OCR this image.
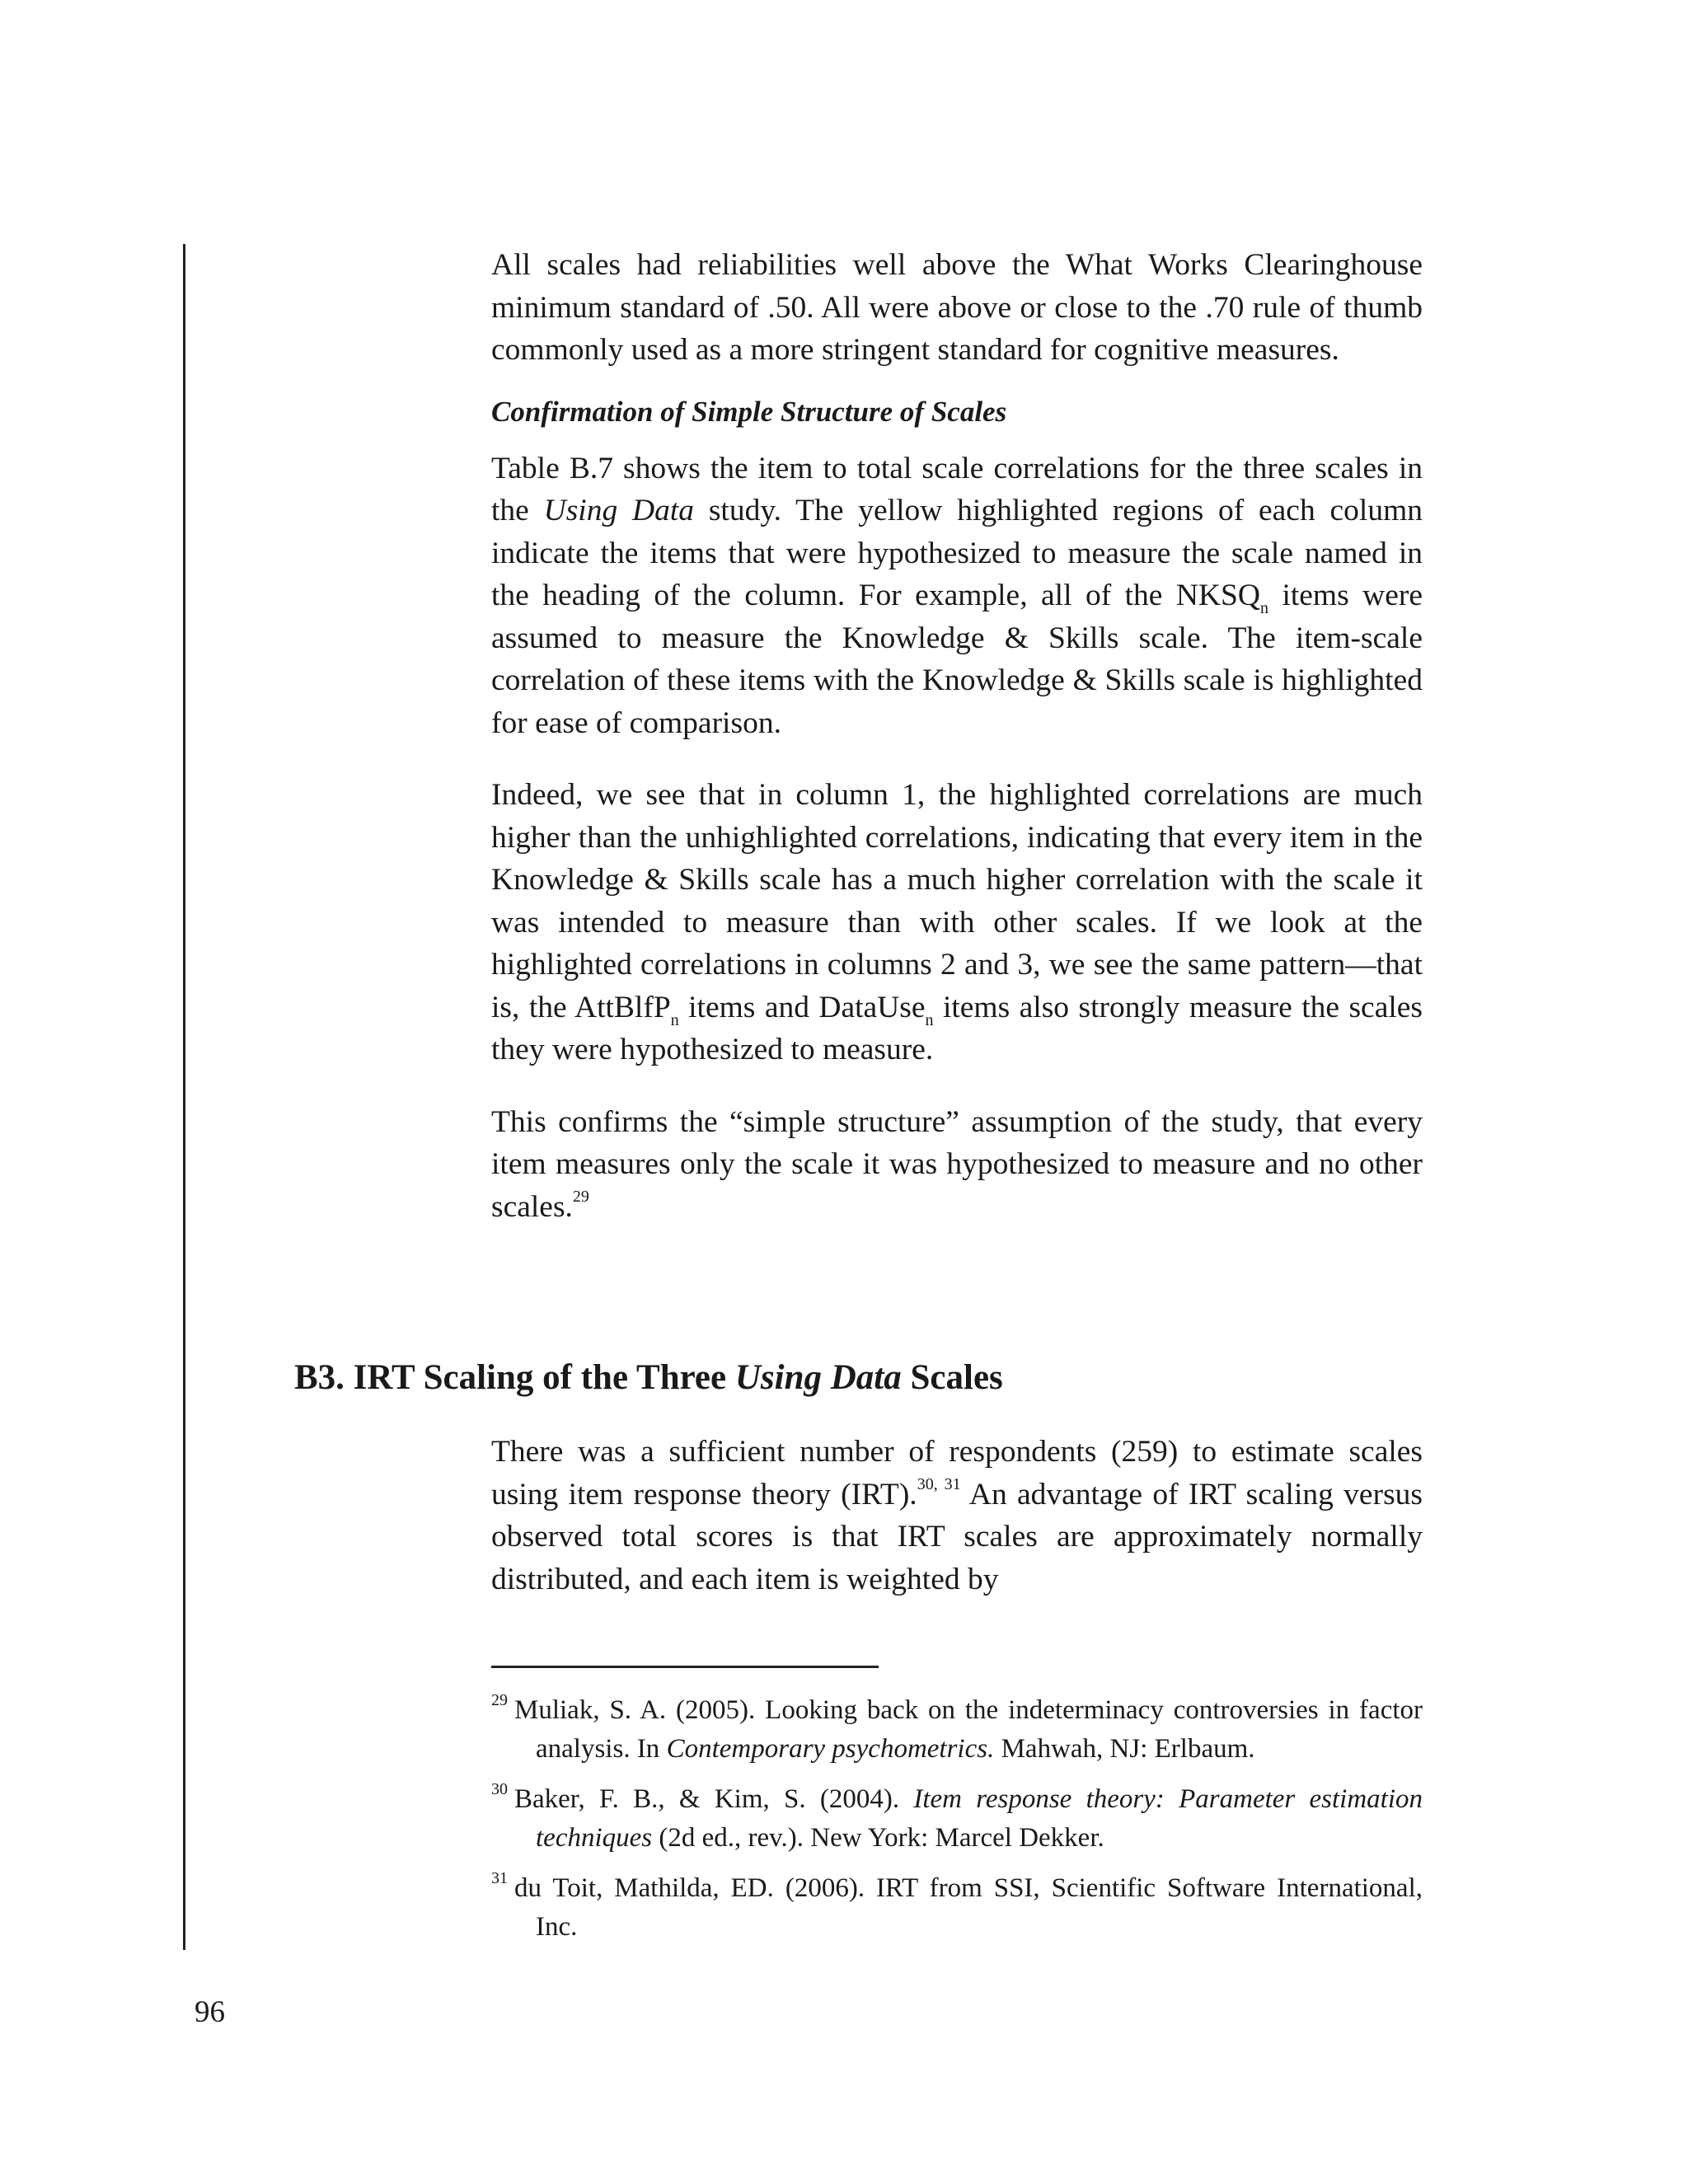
All scales had reliabilities well above the What Works Clearinghouse minimum standard of .50. All were above or close to the .70 rule of thumb commonly used as a more stringent standard for cognitive measures.

Confirmation of Simple Structure of Scales

Table B.7 shows the item to total scale correlations for the three scales in the Using Data study. The yellow highlighted regions of each column indicate the items that were hypothesized to measure the scale named in the heading of the column. For example, all of the $NKSQ_n$ items were assumed to measure the Knowledge & Skills scale. The item-scale correlation of these items with the Knowledge & Skills scale is highlighted for ease of comparison.

Indeed, we see that in column 1, the highlighted correlations are much higher than the unhighlighted correlations, indicating that every item in the Knowledge & Skills scale has a much higher correlation with the scale it was intended to measure than with other scales. If we look at the highlighted correlations in columns 2 and 3, we see the same pattern—that is, the AttBlfP$_n$ items and DataUse$_n$ items also strongly measure the scales they were hypothesized to measure.

This confirms the “simple structure” assumption of the study, that every item measures only the scale it was hypothesized to measure and no other scales.$^{29}$

B3. IRT Scaling of the Three Using Data Scales

There was a sufficient number of respondents (259) to estimate scales using item response theory (IRT).$^{30, 31}$ An advantage of IRT scaling versus observed total scores is that IRT scales are approximately normally distributed, and each item is weighted by

29 Muliak, S. A. (2005). Looking back on the indeterminacy controversies in factor analysis. In Contemporary psychometrics. Mahwah, NJ: Erlbaum.

30 Baker, F. B., & Kim, S. (2004). Item response theory: Parameter estimation techniques (2d ed., rev.). New York: Marcel Dekker.

31 du Toit, Mathilda, ED. (2006). IRT from SSI, Scientific Software International, Inc.

96
